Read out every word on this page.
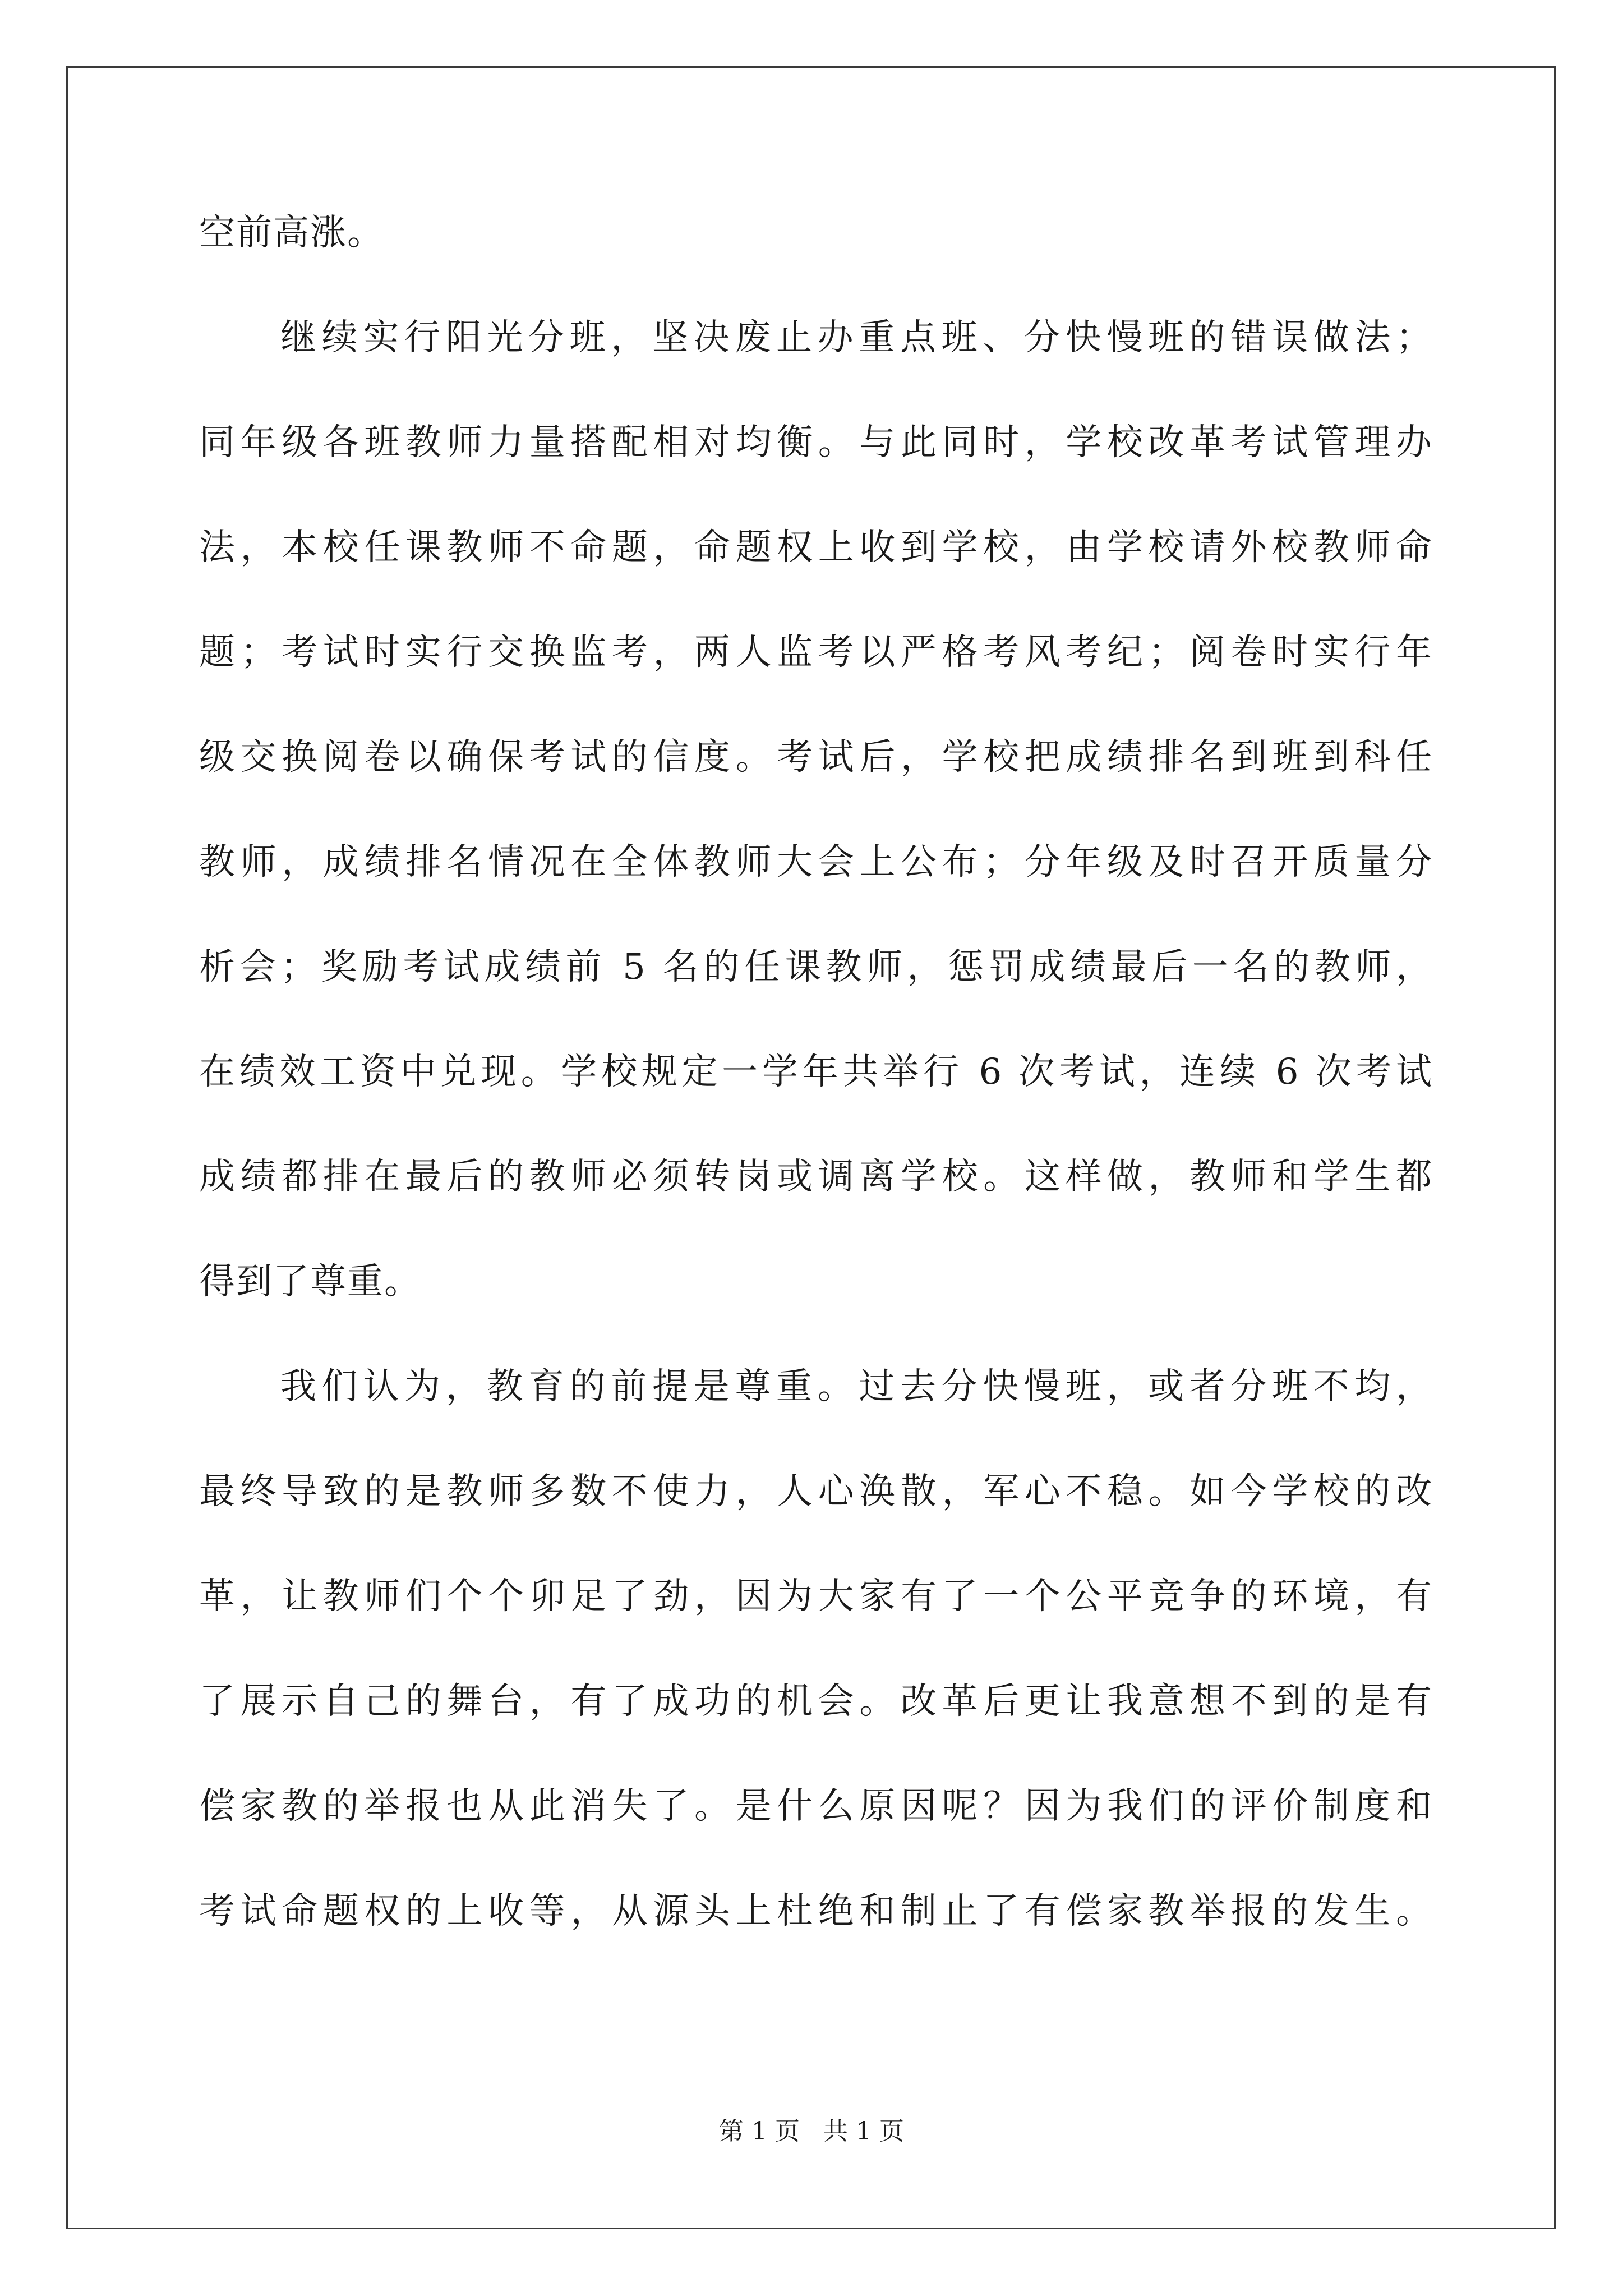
空前高涨。
继续实行阳光分班，坚决废止办重点班、分快慢班的错误做法；
同年级各班教师力量搭配相对均衡。与此同时，学校改革考试管理办
法，本校任课教师不命题，命题权上收到学校，由学校请外校教师命
题；考试时实行交换监考，两人监考以严格考风考纪；阅卷时实行年
级交换阅卷以确保考试的信度。考试后，学校把成绩排名到班到科任
教师，成绩排名情况在全体教师大会上公布；分年级及时召开质量分
析会；奖励考试成绩前 5 名的任课教师，惩罚成绩最后一名的教师，
在绩效工资中兑现。学校规定一学年共举行 6 次考试，连续 6 次考试
成绩都排在最后的教师必须转岗或调离学校。这样做，教师和学生都
得到了尊重。
我们认为，教育的前提是尊重。过去分快慢班，或者分班不均，
最终导致的是教师多数不使力，人心涣散，军心不稳。如今学校的改
革，让教师们个个卯足了劲，因为大家有了一个公平竞争的环境，有
了展示自己的舞台，有了成功的机会。改革后更让我意想不到的是有
偿家教的举报也从此消失了。是什么原因呢？因为我们的评价制度和
考试命题权的上收等，从源头上杜绝和制止了有偿家教举报的发生。
第 1 页 共 1 页
